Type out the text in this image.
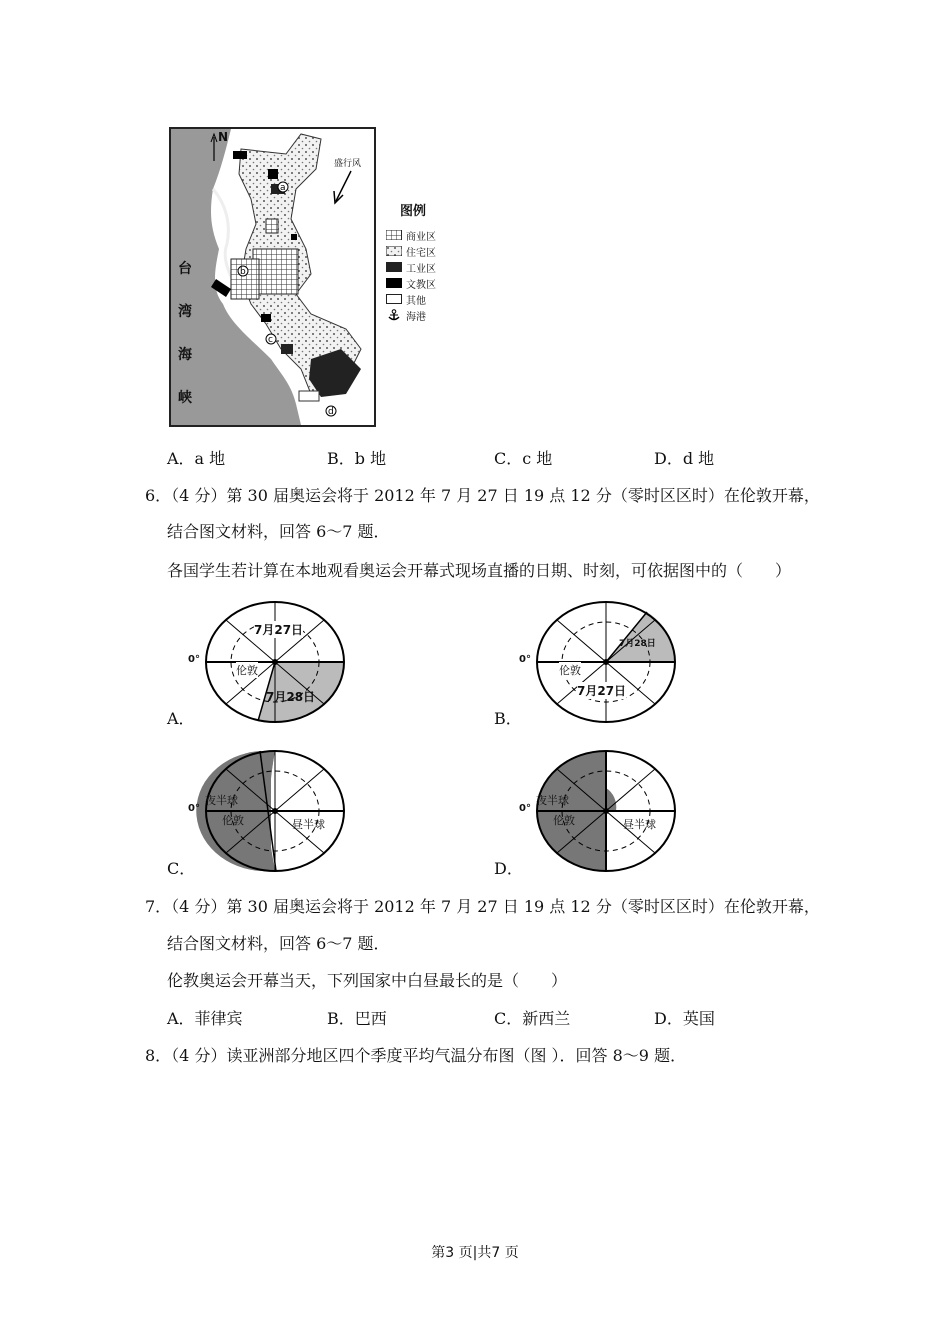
a
b
c
d
N
盛行风
台
湾
海
峡
图例
商业区
住宅区
工业区
文教区
其他
海港
A．a 地	B．b 地	C．c 地	D．d 地
6．（4 分）第 30 届奥运会将于 2012 年 7 月 27 日 19 点 12 分（零时区区时）在伦敦开幕，
结合图文材料，回答 6～7 题．
各国学生若计算在本地观看奥运会开幕式现场直播的日期、时刻，可依据图中的（　　）
0°
7月27日
伦敦
7月28日
A．
0°
7月28日
伦敦
7月27日
B．
0°
夜半球
伦敦	昼半球
C．
0°
夜半球
伦敦	昼半球
D．
7．（4 分）第 30 届奥运会将于 2012 年 7 月 27 日 19 点 12 分（零时区区时）在伦敦开幕，
结合图文材料，回答 6～7 题．
伦教奥运会开幕当天，下列国家中白昼最长的是（　　）
A．菲律宾	B．巴西	C．新西兰	D．英国
8．（4 分）读亚洲部分地区四个季度平均气温分布图（图 ）．回答 8～9 题．
第3 页|共7 页
